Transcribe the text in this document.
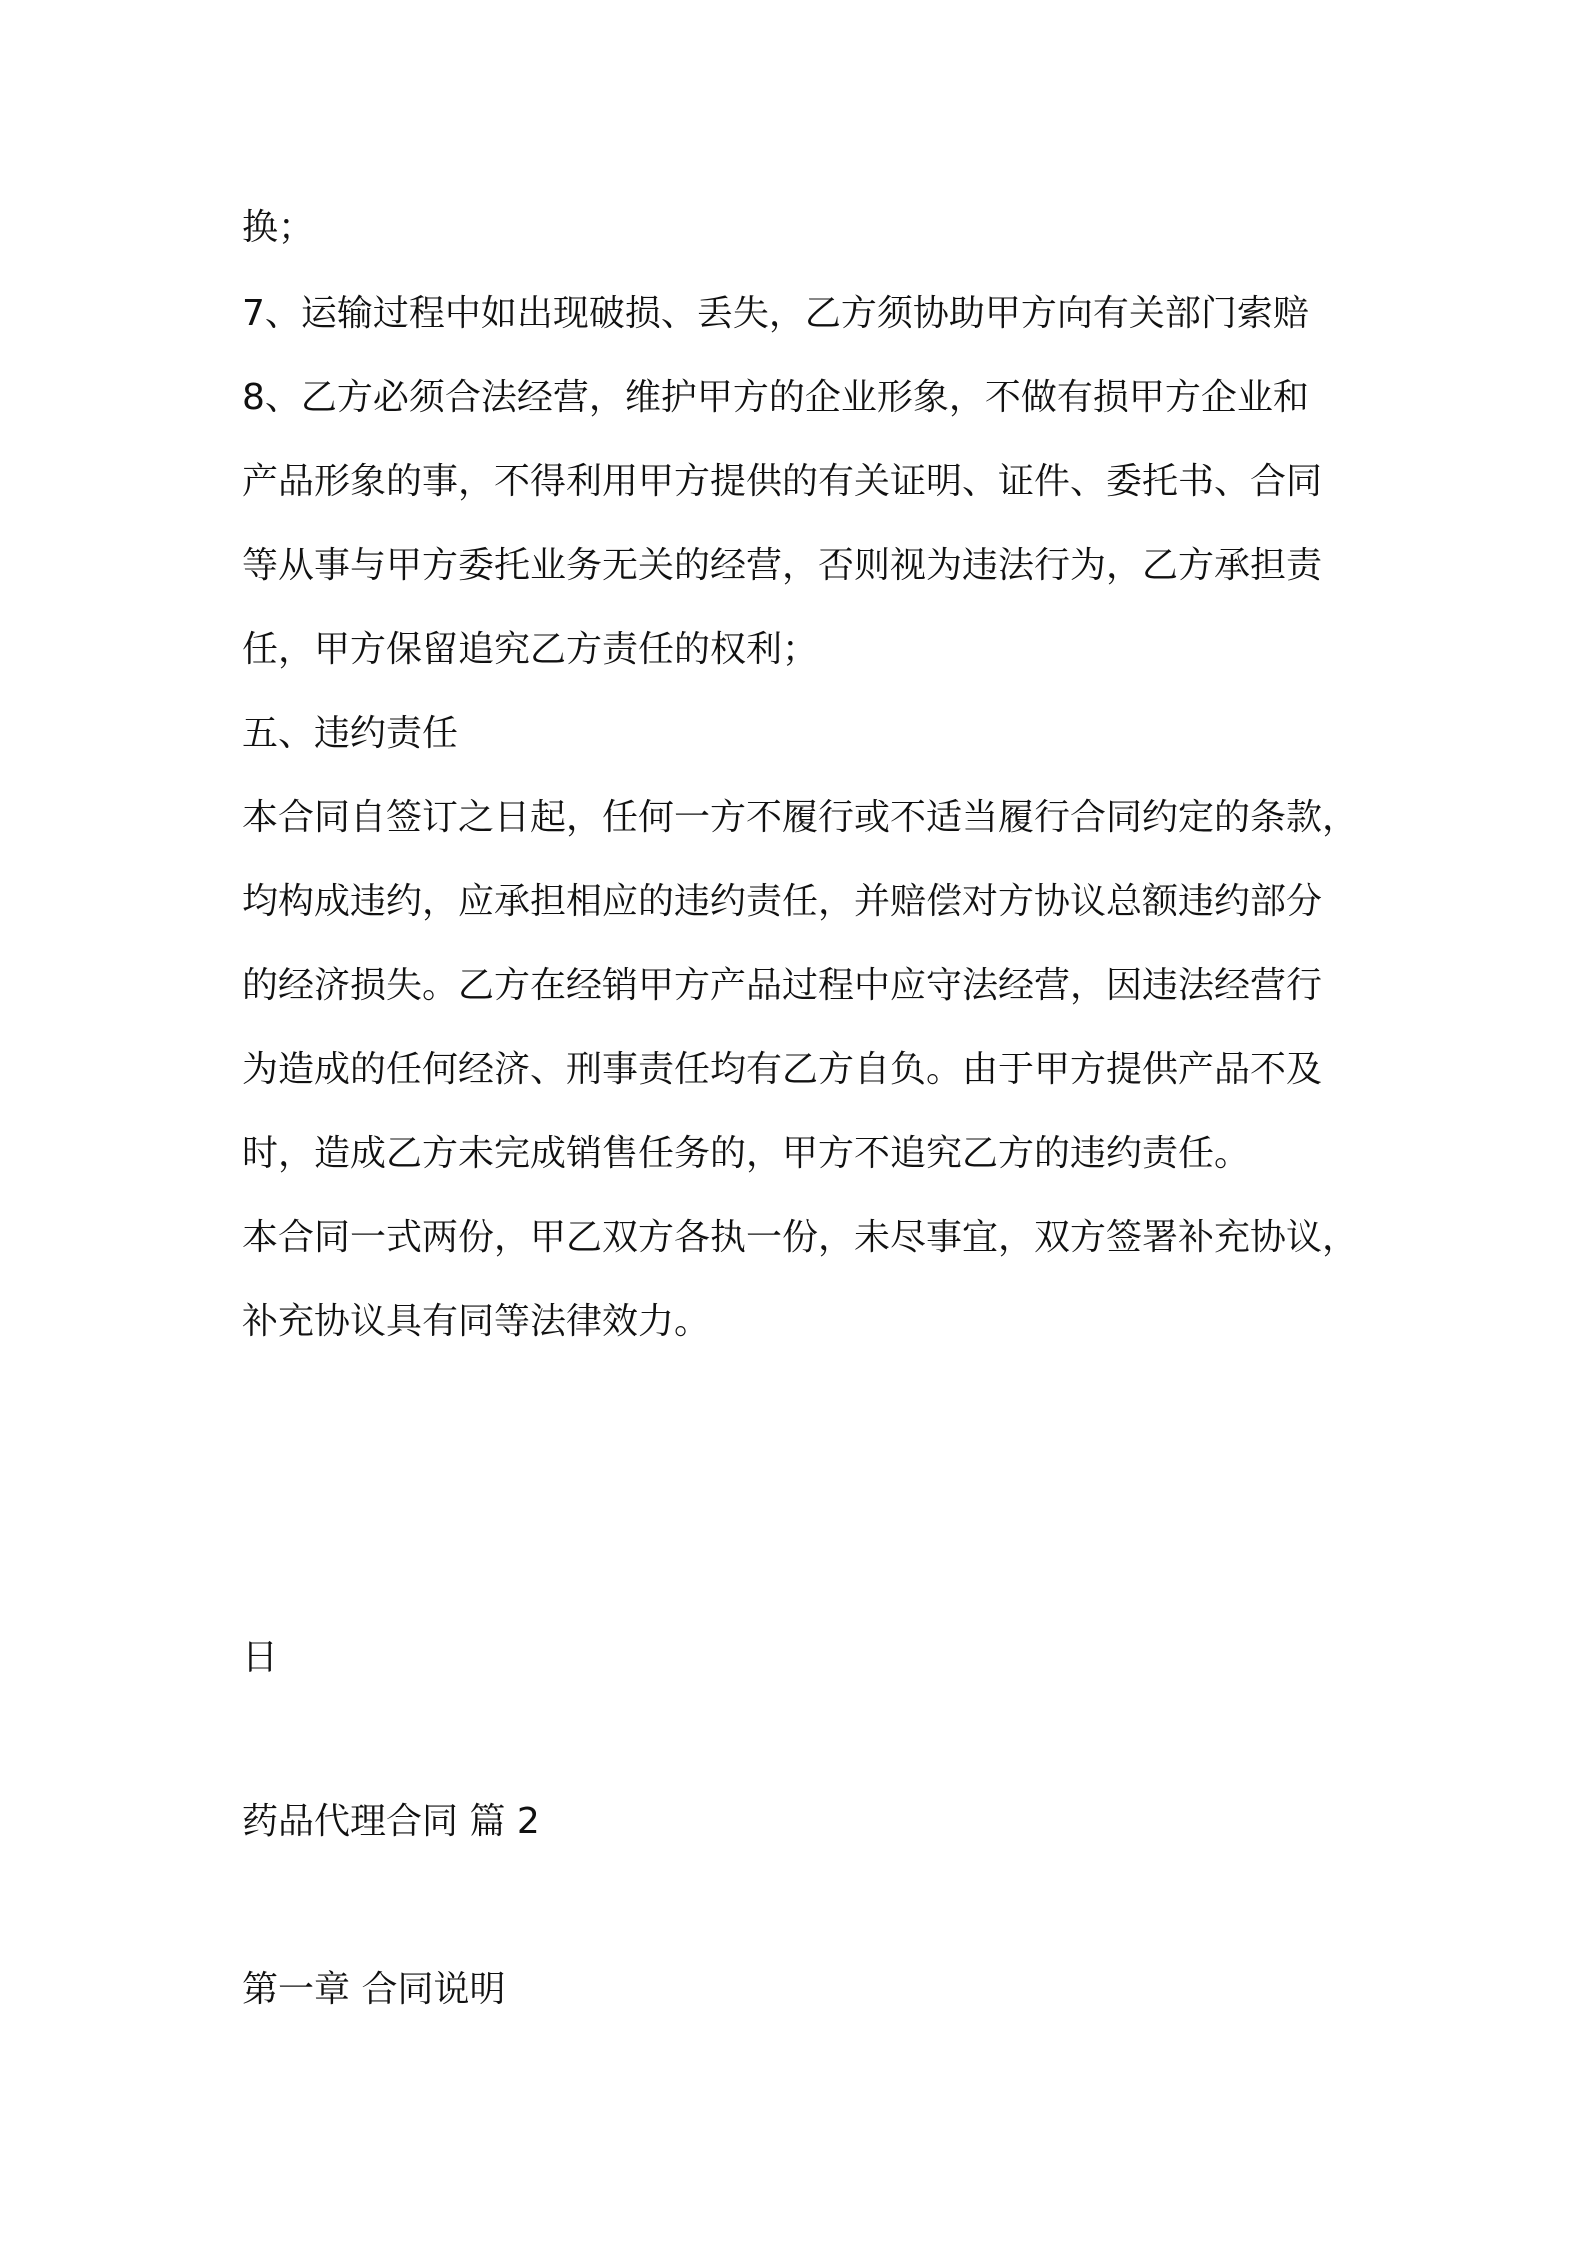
换；
7、运输过程中如出现破损、丢失，乙方须协助甲方向有关部门索赔
8、乙方必须合法经营，维护甲方的企业形象，不做有损甲方企业和
产品形象的事，不得利用甲方提供的有关证明、证件、委托书、合同
等从事与甲方委托业务无关的经营，否则视为违法行为，乙方承担责
任，甲方保留追究乙方责任的权利；
五、违约责任
本合同自签订之日起，任何一方不履行或不适当履行合同约定的条款，
均构成违约，应承担相应的违约责任，并赔偿对方协议总额违约部分
的经济损失。乙方在经销甲方产品过程中应守法经营，因违法经营行
为造成的任何经济、刑事责任均有乙方自负。由于甲方提供产品不及
时，造成乙方未完成销售任务的，甲方不追究乙方的违约责任。
本合同一式两份，甲乙双方各执一份，未尽事宜，双方签署补充协议，
补充协议具有同等法律效力。
日
药品代理合同 篇 2
第一章 合同说明
